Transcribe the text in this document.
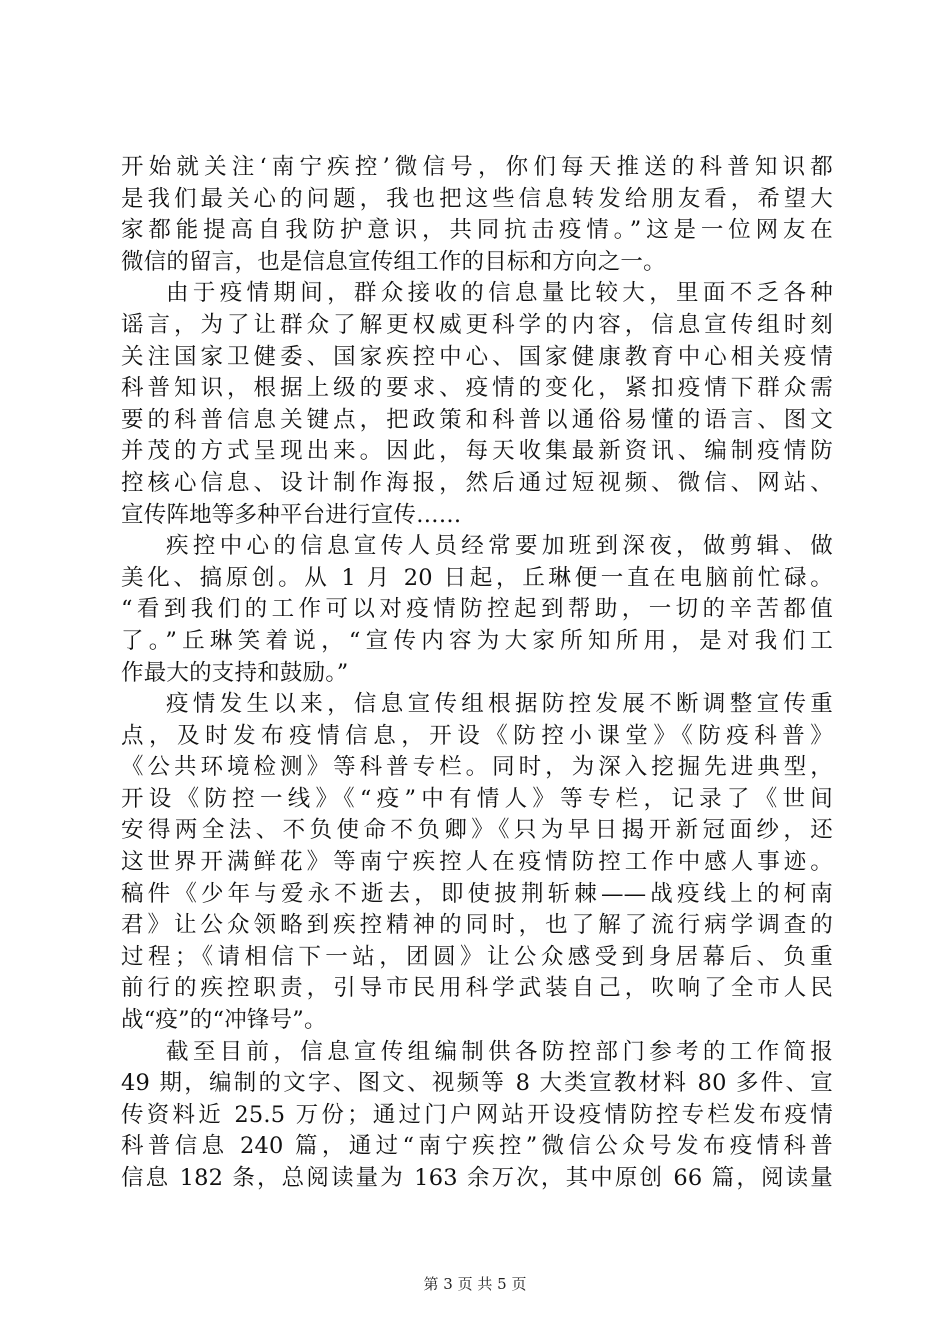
开始就关注‘南宁疾控’微信号，你们每天推送的科普知识都
是我们最关心的问题，我也把这些信息转发给朋友看，希望大
家都能提高自我防护意识，共同抗击疫情。”这是一位网友在
微信的留言，也是信息宣传组工作的目标和方向之一。
由于疫情期间，群众接收的信息量比较大，里面不乏各种
谣言，为了让群众了解更权威更科学的内容，信息宣传组时刻
关注国家卫健委、国家疾控中心、国家健康教育中心相关疫情
科普知识，根据上级的要求、疫情的变化，紧扣疫情下群众需
要的科普信息关键点，把政策和科普以通俗易懂的语言、图文
并茂的方式呈现出来。因此，每天收集最新资讯、编制疫情防
控核心信息、设计制作海报，然后通过短视频、微信、网站、
宣传阵地等多种平台进行宣传……
疾控中心的信息宣传人员经常要加班到深夜，做剪辑、做
美化、搞原创。从 1 月 20 日起，丘琳便一直在电脑前忙碌。
“看到我们的工作可以对疫情防控起到帮助，一切的辛苦都值
了。”丘琳笑着说，“宣传内容为大家所知所用，是对我们工
作最大的支持和鼓励。”
疫情发生以来，信息宣传组根据防控发展不断调整宣传重
点，及时发布疫情信息，开设《防控小课堂》《防疫科普》
《公共环境检测》等科普专栏。同时，为深入挖掘先进典型，
开设《防控一线》《“疫”中有情人》等专栏，记录了《世间
安得两全法、不负使命不负卿》《只为早日揭开新冠面纱，还
这世界开满鲜花》等南宁疾控人在疫情防控工作中感人事迹。
稿件《少年与爱永不逝去，即使披荆斩棘——战疫线上的柯南
君》让公众领略到疾控精神的同时，也了解了流行病学调查的
过程；《请相信下一站，团圆》让公众感受到身居幕后、负重
前行的疾控职责，引导市民用科学武装自己，吹响了全市人民
战“疫”的“冲锋号”。
截至目前，信息宣传组编制供各防控部门参考的工作简报
49 期，编制的文字、图文、视频等 8 大类宣教材料 80 多件、宣
传资料近 25.5 万份；通过门户网站开设疫情防控专栏发布疫情
科普信息 240 篇，通过“南宁疾控”微信公众号发布疫情科普
信息 182 条，总阅读量为 163 余万次，其中原创 66 篇，阅读量
第 3 页 共 5 页
